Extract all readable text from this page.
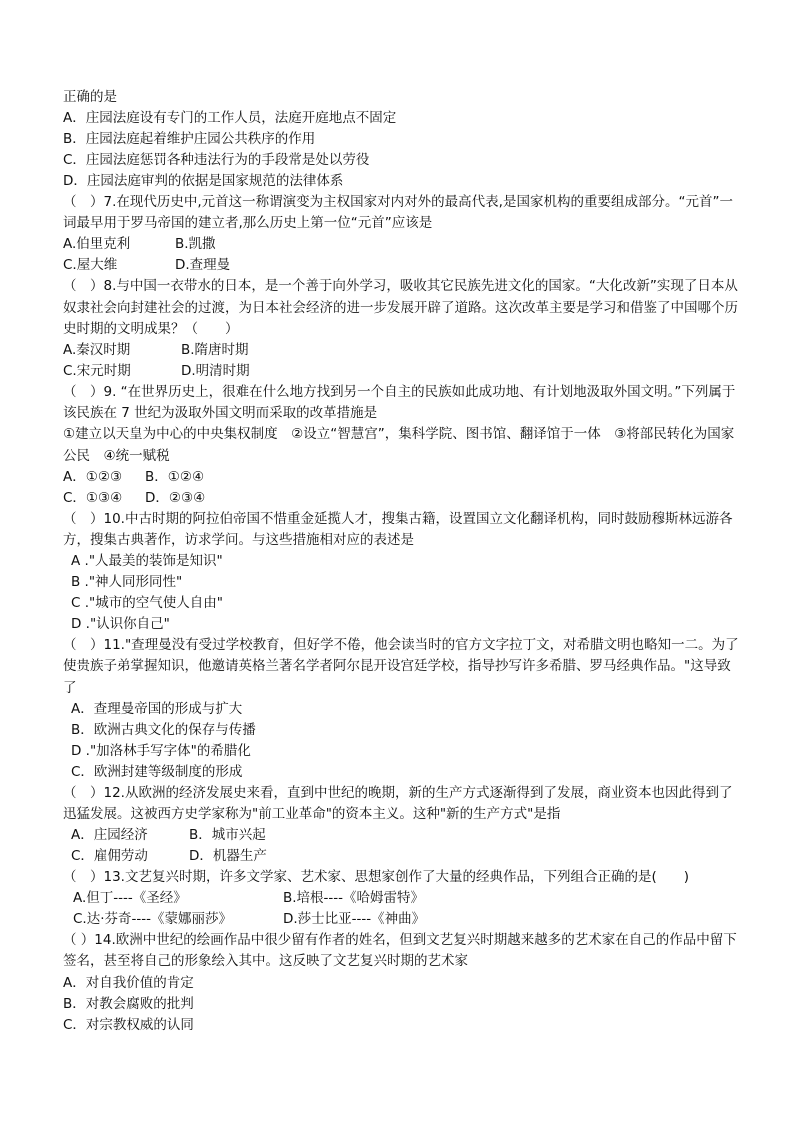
正确的是
A．庄园法庭设有专门的工作人员，法庭开庭地点不固定
B．庄园法庭起着维护庄园公共秩序的作用
C．庄园法庭惩罚各种违法行为的手段常是处以劳役
D．庄园法庭审判的依据是国家规范的法律体系
（　）7.在现代历史中,元首这一称谓演变为主权国家对内对外的最高代表,是国家机构的重要组成部分。“元首”一词最早用于罗马帝国的建立者,那么历史上第一位“元首”应该是
A.伯里克利	B.凯撒
C.屋大维	D.查理曼
（　）8.与中国一衣带水的日本，是一个善于向外学习，吸收其它民族先进文化的国家。“大化改新”实现了日本从奴隶社会向封建社会的过渡，为日本社会经济的进一步发展开辟了道路。这次改革主要是学习和借鉴了中国哪个历史时期的文明成果？（　　）
A.秦汉时期	B.隋唐时期
C.宋元时期	D.明清时期
（　）9. “在世界历史上，很难在什么地方找到另一个自主的民族如此成功地、有计划地汲取外国文明。”下列属于该民族在 7 世纪为汲取外国文明而采取的改革措施是
①建立以天皇为中心的中央集权制度　②设立“智慧宫”，集科学院、图书馆、翻译馆于一体　③将部民转化为国家公民　④统一赋税
A．①②③ B．①②④
C．①③④ D．②③④
（　）10.中古时期的阿拉伯帝国不惜重金延揽人才，搜集古籍，设置国立文化翻译机构，同时鼓励穆斯林远游各方，搜集古典著作，访求学问。与这些措施相对应的表述是
A ."人最美的装饰是知识"
B ."神人同形同性"
C ."城市的空气使人自由"
D ."认识你自己"
（　）11."查理曼没有受过学校教育，但好学不倦，他会读当时的官方文字拉丁文，对希腊文明也略知一二。为了使贵族子弟掌握知识，他邀请英格兰著名学者阿尔昆开设宫廷学校，指导抄写许多希腊、罗马经典作品。"这导致了
A．查理曼帝国的形成与扩大
B．欧洲古典文化的保存与传播
D ."加洛林手写字体"的希腊化
C．欧洲封建等级制度的形成
（　）12.从欧洲的经济发展史来看，直到中世纪的晚期，新的生产方式逐渐得到了发展，商业资本也因此得到了迅猛发展。这被西方史学家称为"前工业革命"的资本主义。这种"新的生产方式"是指
A．庄园经济	B．城市兴起
C．雇佣劳动	D．机器生产
（　）13.文艺复兴时期，许多文学家、艺术家、思想家创作了大量的经典作品，下列组合正确的是(　　)
A.但丁----《圣经》	B.培根----《哈姆雷特》
C.达·芬奇----《蒙娜丽莎》	D.莎士比亚----《神曲》
（ ）14.欧洲中世纪的绘画作品中很少留有作者的姓名，但到文艺复兴时期越来越多的艺术家在自己的作品中留下签名，甚至将自己的形象绘入其中。这反映了文艺复兴时期的艺术家
A．对自我价值的肯定
B．对教会腐败的批判
C．对宗教权威的认同
